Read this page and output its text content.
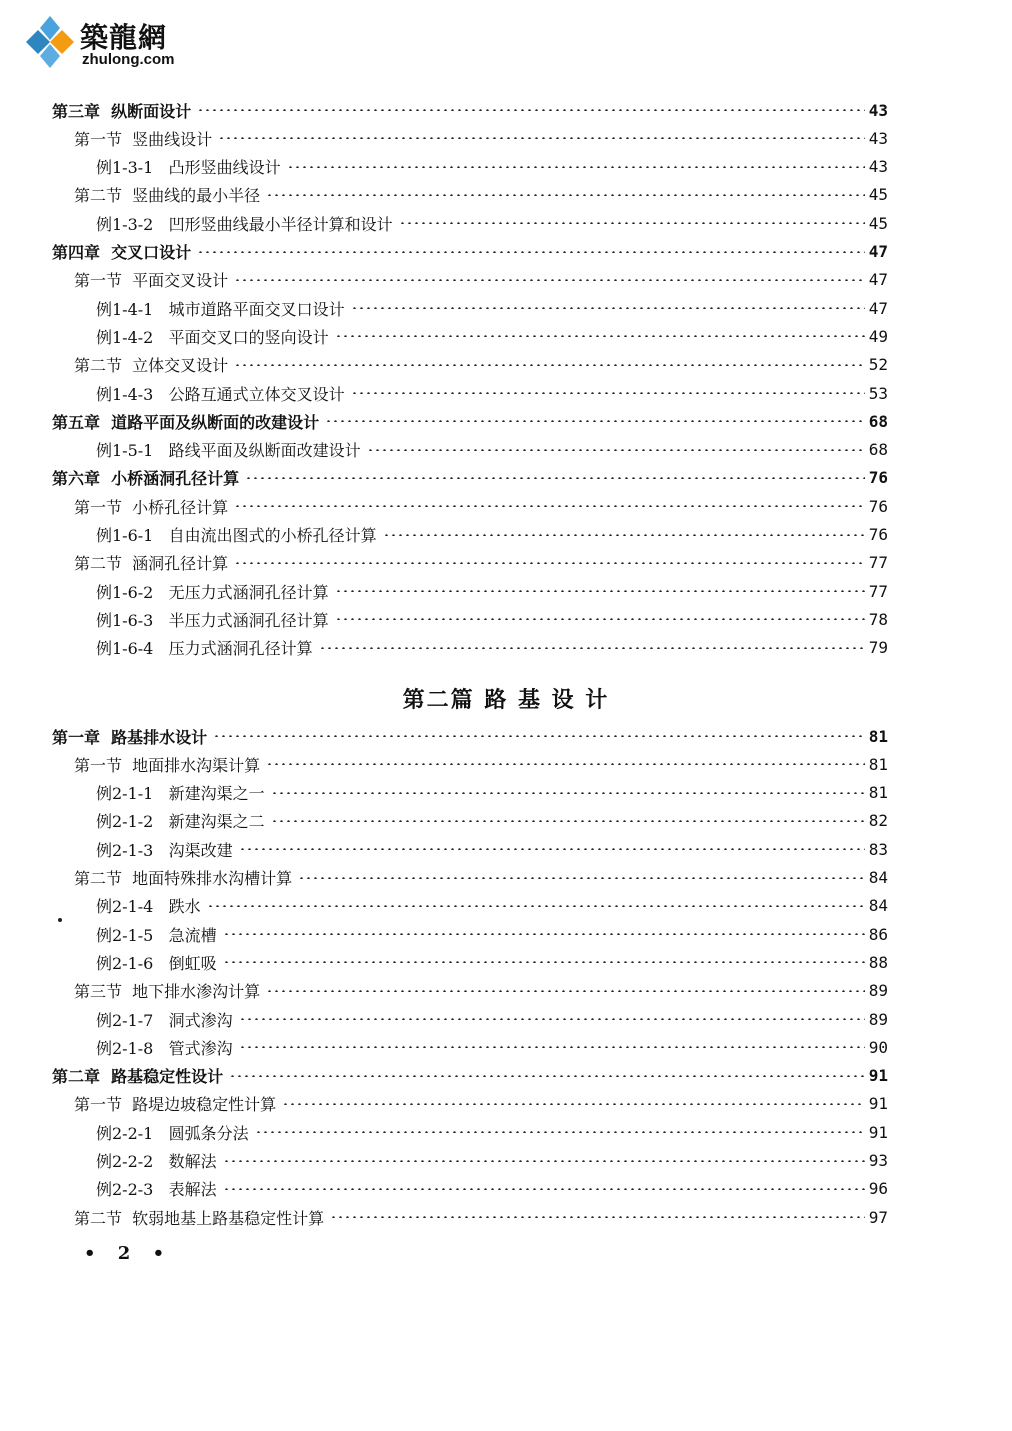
築龍網
zhulong.com
第三章  纵断面设计	43
第一节  竖曲线设计	43
例1-3-1   凸形竖曲线设计	43
第二节  竖曲线的最小半径	45
例1-3-2   凹形竖曲线最小半径计算和设计	45
第四章  交叉口设计	47
第一节  平面交叉设计	47
例1-4-1   城市道路平面交叉口设计	47
例1-4-2   平面交叉口的竖向设计	49
第二节  立体交叉设计	52
例1-4-3   公路互通式立体交叉设计	53
第五章  道路平面及纵断面的改建设计	68
例1-5-1   路线平面及纵断面改建设计	68
第六章  小桥涵洞孔径计算	76
第一节  小桥孔径计算	76
例1-6-1   自由流出图式的小桥孔径计算	76
第二节  涵洞孔径计算	77
例1-6-2   无压力式涵洞孔径计算	77
例1-6-3   半压力式涵洞孔径计算	78
例1-6-4   压力式涵洞孔径计算	79
第二篇 路 基 设 计
第一章  路基排水设计	81
第一节  地面排水沟渠计算	81
例2-1-1   新建沟渠之一	81
例2-1-2   新建沟渠之二	82
例2-1-3   沟渠改建	83
第二节  地面特殊排水沟槽计算	84
例2-1-4   跌水	84
例2-1-5   急流槽	86
例2-1-6   倒虹吸	88
第三节  地下排水渗沟计算	89
例2-1-7   洞式渗沟	89
例2-1-8   管式渗沟	90
第二章  路基稳定性设计	91
第一节  路堤边坡稳定性计算	91
例2-2-1   圆弧条分法	91
例2-2-2   数解法	93
例2-2-3   表解法	96
第二节  软弱地基上路基稳定性计算	97
• 2 •
